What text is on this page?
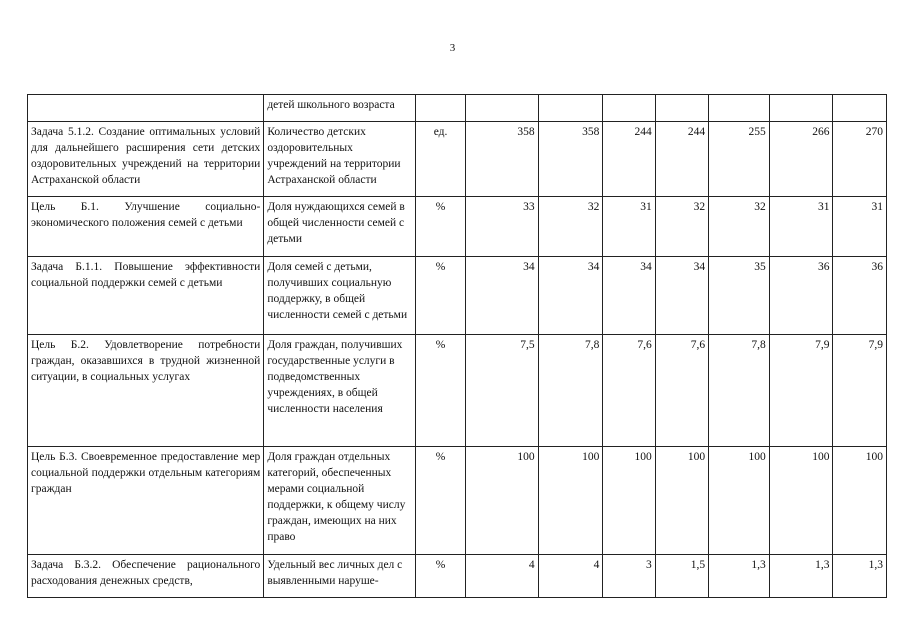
3
	детей школьного возраста								
Задача 5.1.2. Создание оптимальных условий для дальнейшего расширения сети детских оздоровительных учреждений на территории Астраханской области	Количество детских оздоровительных учреждений на территории Астраханской области	ед.	358	358	244	244	255	266	270
Цель Б.1. Улучшение социально-экономического положения семей с детьми	Доля нуждающихся семей в общей численности семей с детьми	%	33	32	31	32	32	31	31
Задача Б.1.1. Повышение эффективности социальной поддержки семей с детьми	Доля семей с детьми, получивших социальную поддержку, в общей численности семей с детьми	%	34	34	34	34	35	36	36
Цель Б.2. Удовлетворение потребности граждан, оказавшихся в трудной жизненной ситуации, в социальных услугах	Доля граждан, получивших государственные услуги в подведомственных учреждениях, в общей численности населения	%	7,5	7,8	7,6	7,6	7,8	7,9	7,9
Цель Б.3. Своевременное предоставление мер социальной поддержки отдельным категориям граждан	Доля граждан отдельных категорий, обеспеченных мерами социальной поддержки, к общему числу граждан, имеющих на них право	%	100	100	100	100	100	100	100
Задача Б.3.2. Обеспечение рационального расходования денежных средств,	Удельный вес личных дел с выявленными наруше-	%	4	4	3	1,5	1,3	1,3	1,3
